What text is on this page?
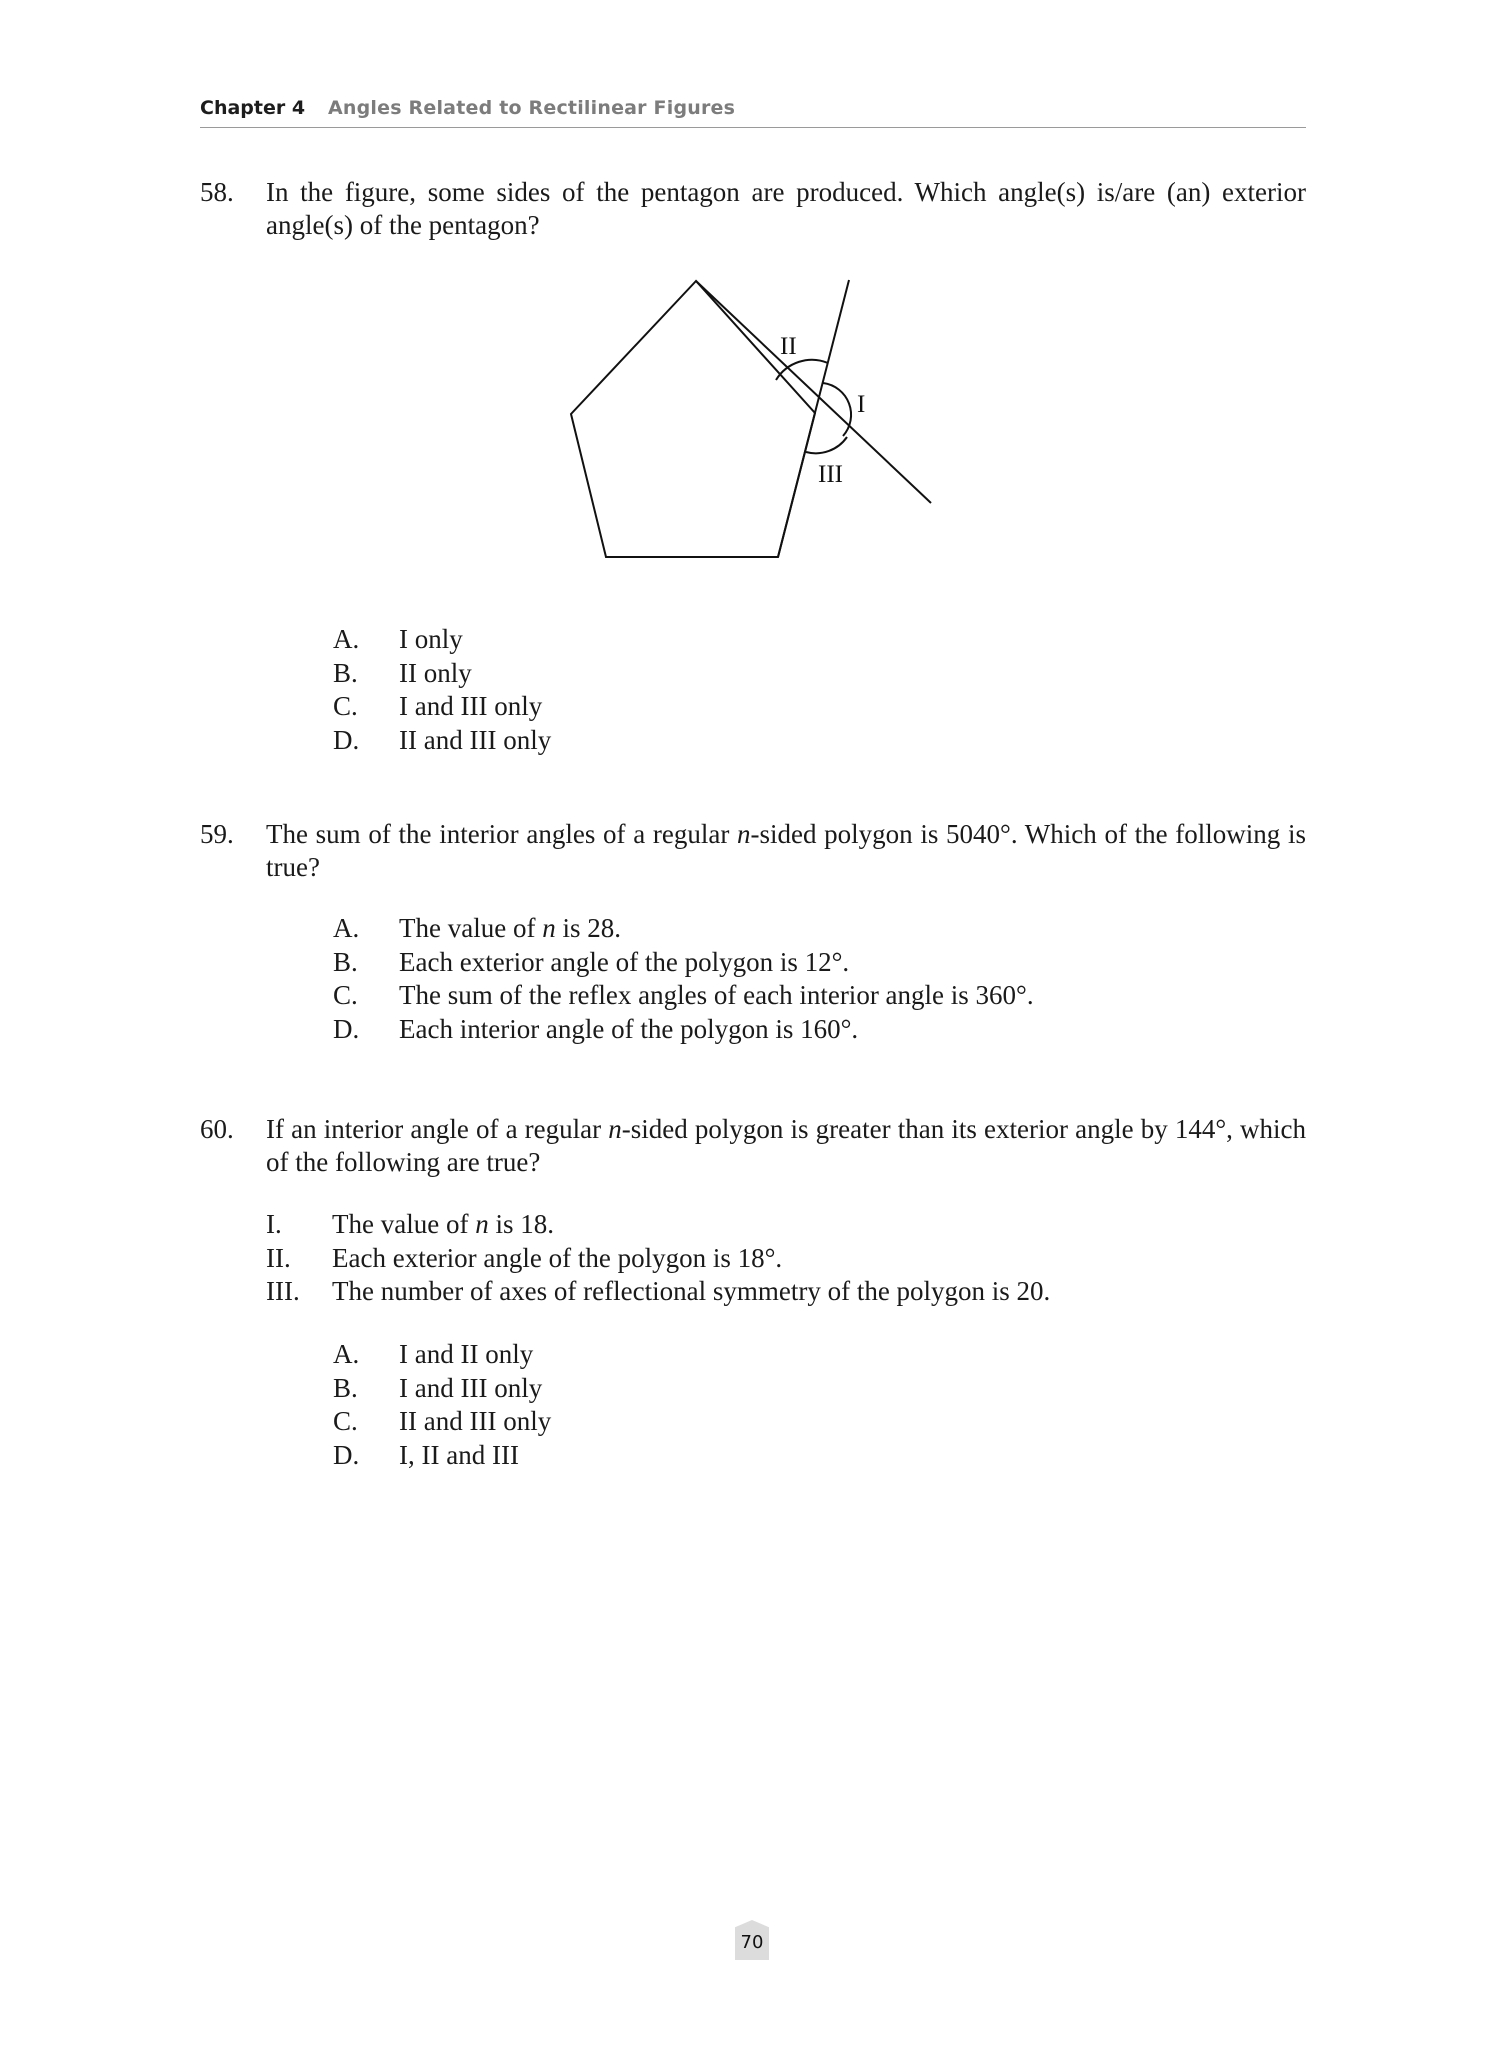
Chapter 4 Angles Related to Rectilinear Figures
58. In the figure, some sides of the pentagon are produced. Which angle(s) is/are (an) exterior angle(s) of the pentagon?
II
I
III
A. I only
B. II only
C. I and III only
D. II and III only
59. The sum of the interior angles of a regular n-sided polygon is 5040°. Which of the following is true?
A. The value of n is 28.
B. Each exterior angle of the polygon is 12°.
C. The sum of the reflex angles of each interior angle is 360°.
D. Each interior angle of the polygon is 160°.
60. If an interior angle of a regular n-sided polygon is greater than its exterior angle by 144°, which of the following are true?
I. The value of n is 18.
II. Each exterior angle of the polygon is 18°.
III. The number of axes of reflectional symmetry of the polygon is 20.
A. I and II only
B. I and III only
C. II and III only
D. I, II and III
70
